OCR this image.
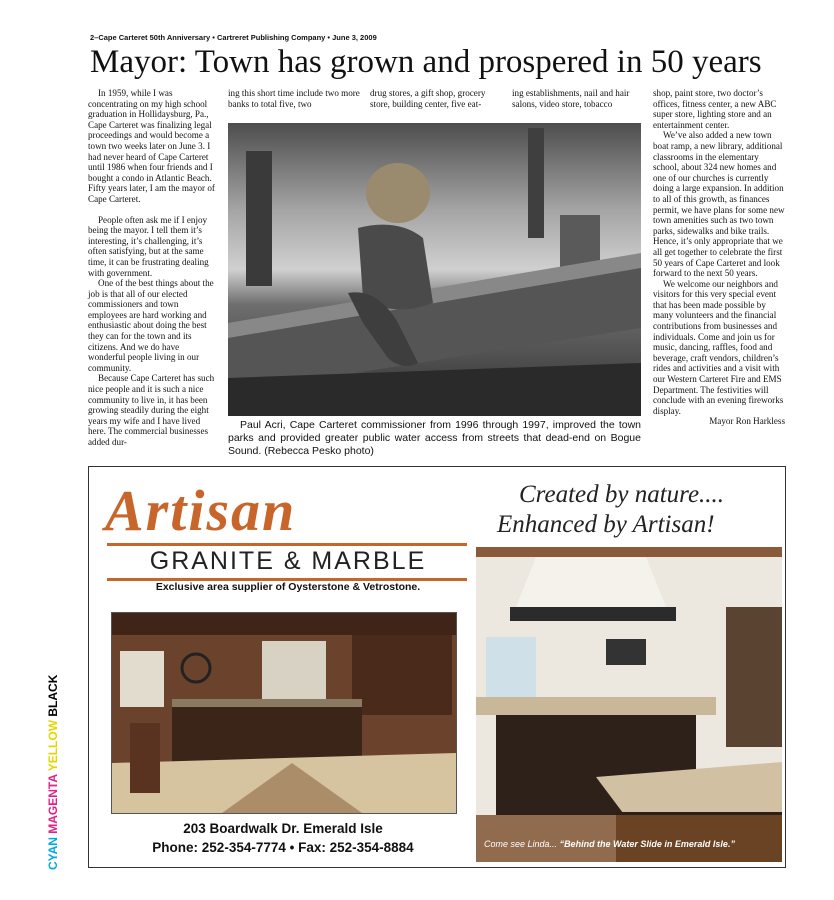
2–Cape Carteret 50th Anniversary • Cartreret Publishing Company • June 3, 2009
Mayor: Town has grown and prospered in 50 years

In 1959, while I was concentrating on my high school graduation in Hollidaysburg, Pa., Cape Carteret was finalizing legal proceedings and would become a town two weeks later on June 3. I had never heard of Cape Carteret until 1986 when four friends and I bought a condo in Atlantic Beach. Fifty years later, I am the mayor of Cape Carteret.

People often ask me if I enjoy being the mayor. I tell them it’s interesting, it’s challenging, it’s often satisfying, but at the same time, it can be frustrating dealing with government.

One of the best things about the job is that all of our elected commissioners and town employees are hard working and enthusiastic about doing the best they can for the town and its citizens. And we do have wonderful people living in our community.

Because Cape Carteret has such nice people and it is such a nice community to live in, it has been growing steadily during the eight years my wife and I have lived here. The commercial businesses added dur-

ing this short time include two more banks to total five, two

drug stores, a gift shop, grocery store, building center, five eat-

ing establishments, nail and hair salons, video store, tobacco

shop, paint store, two doctor’s offices, fitness center, a new ABC super store, lighting store and an entertainment center.

We’ve also added a new town boat ramp, a new library, additional classrooms in the elementary school, about 324 new homes and one of our churches is currently doing a large expansion. In addition to all of this growth, as finances permit, we have plans for some new town amenities such as two town parks, sidewalks and bike trails. Hence, it’s only appropriate that we all get together to celebrate the first 50 years of Cape Carteret and look forward to the next 50 years.

We welcome our neighbors and visitors for this very special event that has been made possible by many volunteers and the financial contributions from businesses and individuals. Come and join us for music, dancing, raffles, food and beverage, craft vendors, children’s rides and activities and a visit with our Western Carteret Fire and EMS Department. The festivities will conclude with an evening fireworks display.

Mayor Ron Harkless

Paul Acri, Cape Carteret commissioner from 1996 through 1997, improved the town parks and provided greater public water access from streets that dead-end on Bogue Sound. (Rebecca Pesko photo)
Artisan
GRANITE & MARBLE
Exclusive area supplier of Oysterstone & Vetrostone.
Created by nature....
Enhanced by Artisan!
203 Boardwalk Dr. Emerald Isle
Phone: 252-354-7774 • Fax: 252-354-8884	Come see Linda... “Behind the Water Slide in Emerald Isle.”
CYAN MAGENTA YELLOW BLACK
